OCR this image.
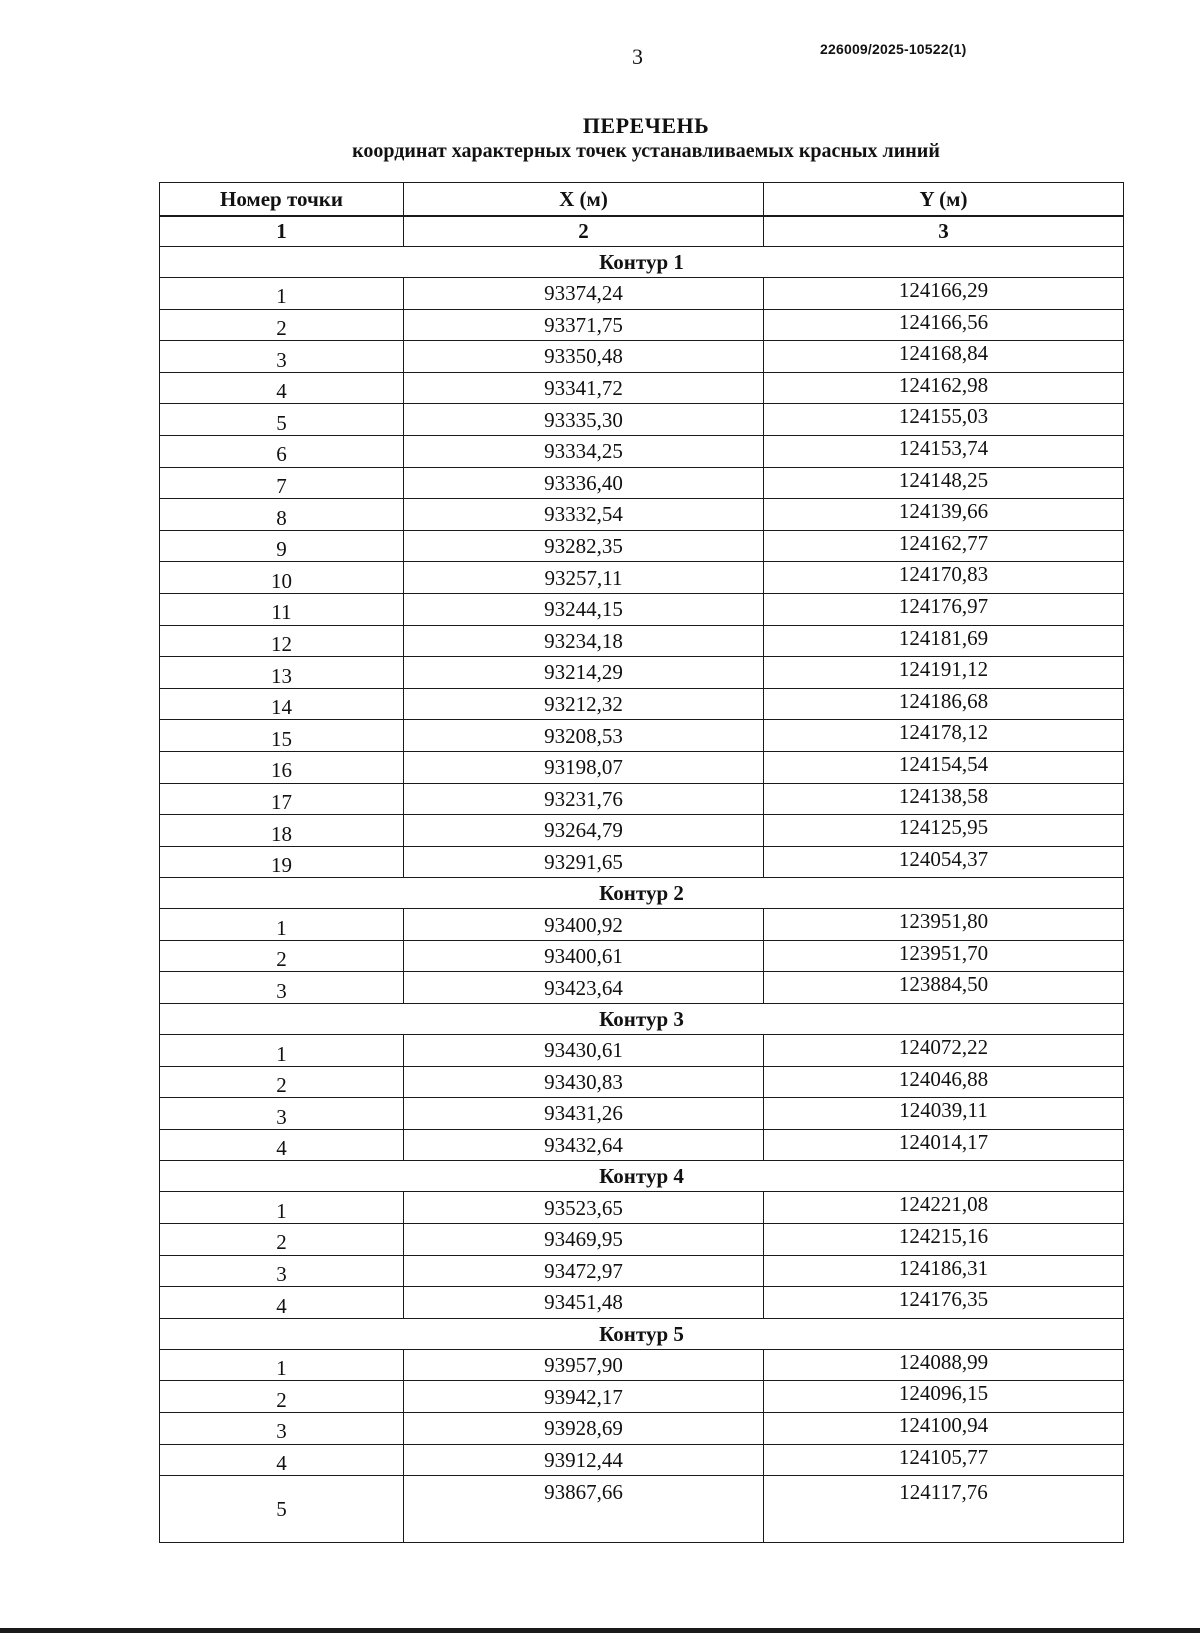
3	226009/2025-10522(1)
ПЕРЕЧЕНЬ
координат характерных точек устанавливаемых красных линий
Номер точки	X (м)	Y (м)
1	2	3
Контур 1		
1	93374,24	124166,29
2	93371,75	124166,56
3	93350,48	124168,84
4	93341,72	124162,98
5	93335,30	124155,03
6	93334,25	124153,74
7	93336,40	124148,25
8	93332,54	124139,66
9	93282,35	124162,77
10	93257,11	124170,83
11	93244,15	124176,97
12	93234,18	124181,69
13	93214,29	124191,12
14	93212,32	124186,68
15	93208,53	124178,12
16	93198,07	124154,54
17	93231,76	124138,58
18	93264,79	124125,95
19	93291,65	124054,37
Контур 2		
1	93400,92	123951,80
2	93400,61	123951,70
3	93423,64	123884,50
Контур 3		
1	93430,61	124072,22
2	93430,83	124046,88
3	93431,26	124039,11
4	93432,64	124014,17
Контур 4		
1	93523,65	124221,08
2	93469,95	124215,16
3	93472,97	124186,31
4	93451,48	124176,35
Контур 5		
1	93957,90	124088,99
2	93942,17	124096,15
3	93928,69	124100,94
4	93912,44	124105,77
5	93867,66	124117,76
